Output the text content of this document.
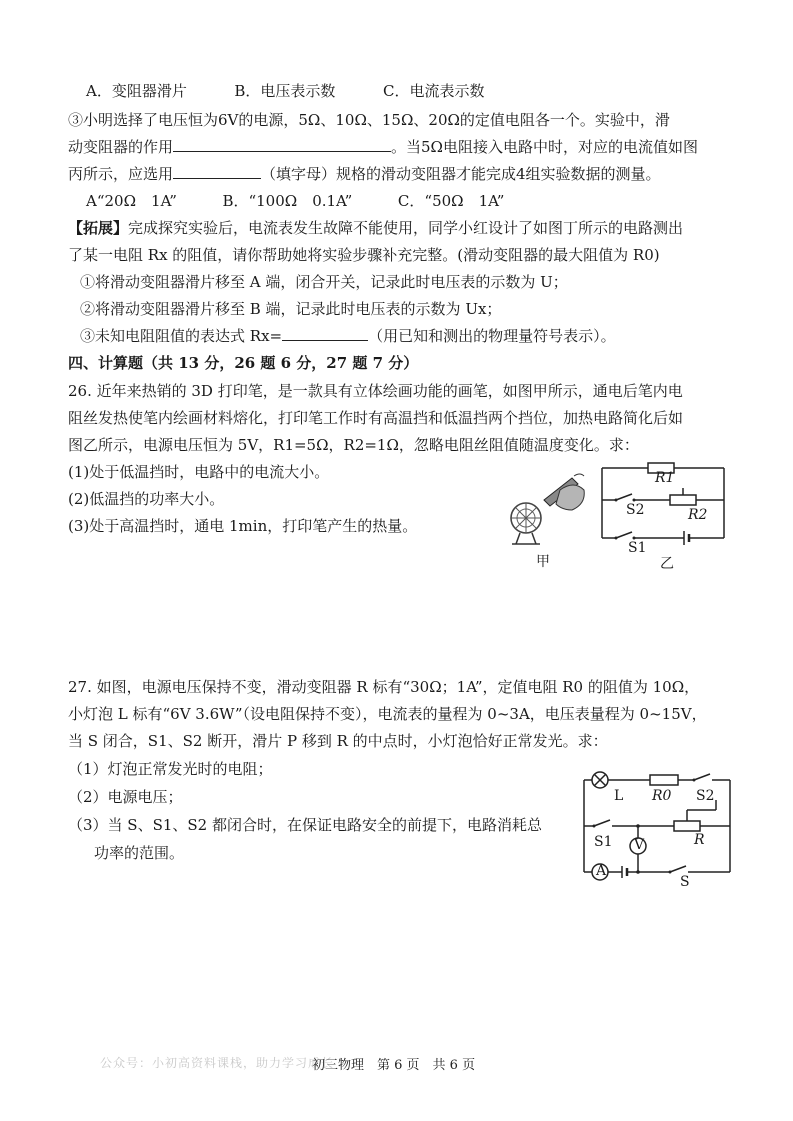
A．变阻器滑片	B．电压表示数	C．电流表示数
③小明选择了电压恒为6V的电源，5Ω、10Ω、15Ω、20Ω的定值电阻各一个。实验中，滑
动变阻器的作用	。当5Ω电阻接入电路中时，对应的电流值如图
丙所示，应选用	（填字母）规格的滑动变阻器才能完成4组实验数据的测量。
A“20Ω　1A”	B．“100Ω　0.1A”	C．“50Ω　1A”
【拓展】完成探究实验后，电流表发生故障不能使用，同学小红设计了如图丁所示的电路测出
了某一电阻 Rx 的阻值，请你帮助她将实验步骤补充完整。(滑动变阻器的最大阻值为 R0)
①将滑动变阻器滑片移至 A 端，闭合开关，记录此时电压表的示数为 U；
②将滑动变阻器滑片移至 B 端，记录此时电压表的示数为 Ux；
③未知电阻阻值的表达式 Rx=	（用已知和测出的物理量符号表示）。
四、计算题（共 13 分，26 题 6 分，27 题 7 分）
26. 近年来热销的 3D 打印笔，是一款具有立体绘画功能的画笔，如图甲所示，通电后笔内电
阻丝发热使笔内绘画材料熔化，打印笔工作时有高温挡和低温挡两个挡位，加热电路简化后如
图乙所示，电源电压恒为 5V，R1=5Ω，R2=1Ω，忽略电阻丝阻值随温度变化。求：
(1)处于低温挡时，电路中的电流大小。
(2)低温挡的功率大小。
(3)处于高温挡时，通电 1min，打印笔产生的热量。
甲
R1
R2
S2
S1
乙
27. 如图，电源电压保持不变，滑动变阻器 R 标有“30Ω；1A”，定值电阻 R0 的阻值为 10Ω，
小灯泡 L 标有“6V 3.6W”（设电阻保持不变），电流表的量程为 0~3A，电压表量程为 0~15V，
当 S 闭合，S1、S2 断开，滑片 P 移到 R 的中点时，小灯泡恰好正常发光。求：
（1）灯泡正常发光时的电阻；
（2）电源电压；
（3）当 S、S1、S2 都闭合时，在保证电路安全的前提下，电路消耗总
功率的范围。
L R0 S2
S1 V	R
A
S
公众号：小初高资料课栈，助力学习成长
初三物理　第 6 页　共 6 页
